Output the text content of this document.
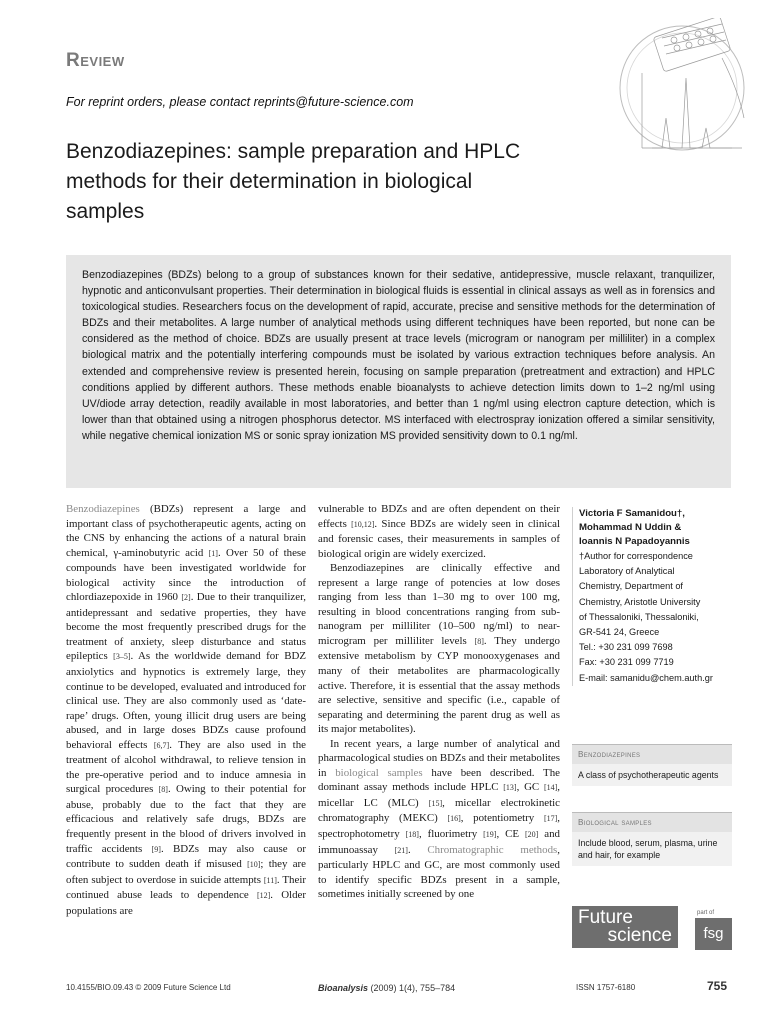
Review
For reprint orders, please contact reprints@future-science.com
Benzodiazepines: sample preparation and HPLC methods for their determination in biological samples
Benzodiazepines (BDZs) belong to a group of substances known for their sedative, antidepressive, muscle relaxant, tranquilizer, hypnotic and anticonvulsant properties. Their determination in biological fluids is essential in clinical assays as well as in forensics and toxicological studies. Researchers focus on the development of rapid, accurate, precise and sensitive methods for the determination of BDZs and their metabolites. A large number of analytical methods using different techniques have been reported, but none can be considered as the method of choice. BDZs are usually present at trace levels (microgram or nanogram per milliliter) in a complex biological matrix and the potentially interfering compounds must be isolated by various extraction techniques before analysis. An extended and comprehensive review is presented herein, focusing on sample preparation (pretreatment and extraction) and HPLC conditions applied by different authors. These methods enable bioanalysts to achieve detection limits down to 1–2 ng/ml using UV/diode array detection, readily available in most laboratories, and better than 1 ng/ml using electron capture detection, which is lower than that obtained using a nitrogen phosphorus detector. MS interfaced with electrospray ionization offered a similar sensitivity, while negative chemical ionization MS or sonic spray ionization MS provided sensitivity down to 0.1 ng/ml.

Benzodiazepines (BDZs) represent a large and important class of psychotherapeutic agents, acting on the CNS by enhancing the actions of a natural brain chemical, γ-aminobutyric acid [1]. Over 50 of these compounds have been investigated worldwide for biological activity since the introduction of chlordiazepoxide in 1960 [2]. Due to their tranquilizer, antidepressant and sedative properties, they have become the most frequently prescribed drugs for the treatment of anxiety, sleep disturbance and status epileptics [3–5]. As the worldwide demand for BDZ anxiolytics and hypnotics is extremely large, they continue to be developed, evaluated and introduced for clinical use. They are also commonly used as ‘date-rape’ drugs. Often, young illicit drug users are being abused, and in large doses BDZs cause profound behavioral effects [6,7]. They are also used in the treatment of alcohol withdrawal, to relieve tension in the pre-operative period and to induce amnesia in surgical procedures [8]. Owing to their potential for abuse, probably due to the fact that they are efficacious and relatively safe drugs, BDZs are frequently present in the blood of drivers involved in traffic accidents [9]. BDZs may also cause or contribute to sudden death if misused [10]; they are often subject to overdose in suicide attempts [11]. Their continued abuse leads to dependence [12]. Older populations are

vulnerable to BDZs and are often dependent on their effects [10,12]. Since BDZs are widely seen in clinical and forensic cases, their measurements in samples of biological origin are widely exercized.

Benzodiazepines are clinically effective and represent a large range of potencies at low doses ranging from less than 1–30 mg to over 100 mg, resulting in blood concentrations ranging from sub-nanogram per milliliter (10–500 ng/ml) to near-microgram per milliliter levels [8]. They undergo extensive metabolism by CYP monooxygenases and many of their metabolites are pharmacologically active. Therefore, it is essential that the assay methods are selective, sensitive and specific (i.e., capable of separating and determining the parent drug as well as its major metabolites).

In recent years, a large number of analytical and pharmacological studies on BDZs and their metabolites in biological samples have been described. The dominant assay methods include HPLC [13], GC [14], micellar LC (MLC) [15], micellar electrokinetic chromatography (MEKC) [16], potentiometry [17], spectrophotometry [18], fluorimetry [19], CE [20] and immunoassay [21]. Chromatographic methods, particularly HPLC and GC, are most commonly used to identify specific BDZs present in a sample, sometimes initially screened by one

Victoria F Samanidou†,
Mohammad N Uddin &
Ioannis N Papadoyannis
†Author for correspondence
Laboratory of Analytical
Chemistry, Department of
Chemistry, Aristotle University
of Thessaloniki, Thessaloniki,
GR-541 24, Greece
Tel.: +30 231 099 7698
Fax: +30 231 099 7719
E-mail: samanidu@chem.auth.gr
Benzodiazepines
A class of psychotherapeutic agents
Biological samples
Include blood, serum, plasma, urine and hair, for example
Future
science
part of
fsg
10.4155/BIO.09.43 © 2009 Future Science Ltd	Bioanalysis (2009) 1(4), 755–784	ISSN 1757-6180	755
